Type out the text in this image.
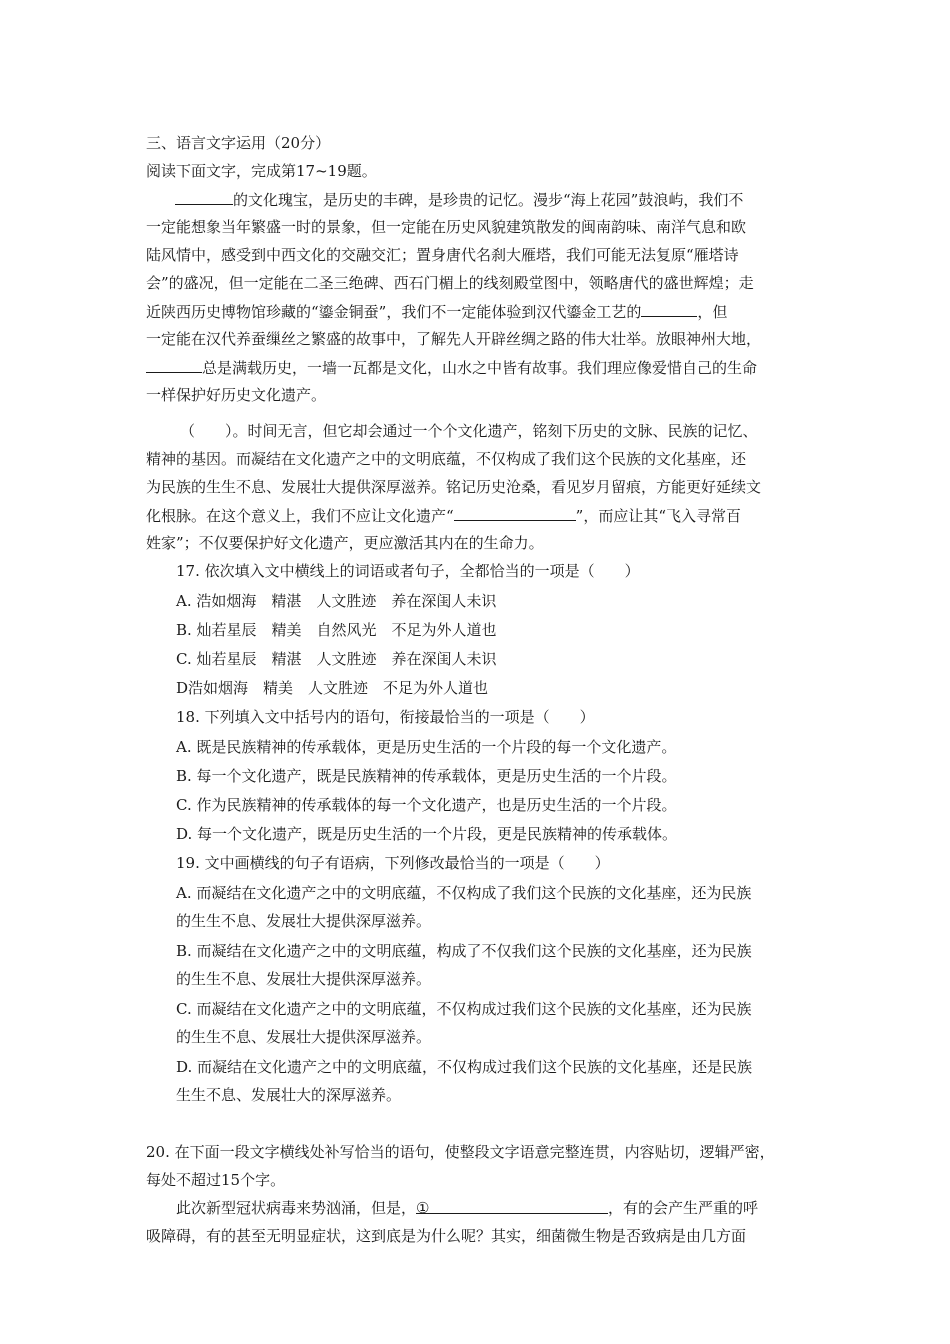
三、语言文字运用（20分）
阅读下面文字，完成第17~19题。
的文化瑰宝，是历史的丰碑，是珍贵的记忆。漫步“海上花园”鼓浪屿，我们不
一定能想象当年繁盛一时的景象，但一定能在历史风貌建筑散发的闽南韵味、南洋气息和欧
陆风情中，感受到中西文化的交融交汇；置身唐代名刹大雁塔，我们可能无法复原“雁塔诗
会”的盛况，但一定能在二圣三绝碑、西石门楣上的线刻殿堂图中，领略唐代的盛世辉煌；走
近陕西历史博物馆珍藏的“鎏金铜蚕”，我们不一定能体验到汉代鎏金工艺的	，但
一定能在汉代养蚕缫丝之繁盛的故事中，了解先人开辟丝绸之路的伟大壮举。放眼神州大地，
总是满载历史，一墙一瓦都是文化，山水之中皆有故事。我们理应像爱惜自己的生命
一样保护好历史文化遗产。
（　　）。时间无言，但它却会通过一个个文化遗产，铭刻下历史的文脉、民族的记忆、
精神的基因。而凝结在文化遗产之中的文明底蕴，不仅构成了我们这个民族的文化基座，还
为民族的生生不息、发展壮大提供深厚滋养。铭记历史沧桑，看见岁月留痕，方能更好延续文
化根脉。在这个意义上，我们不应让文化遗产“	”，而应让其“飞入寻常百
姓家”；不仅要保护好文化遗产，更应激活其内在的生命力。
17. 依次填入文中横线上的词语或者句子，全都恰当的一项是（　　）
A. 浩如烟海　精湛　人文胜迹　养在深闺人未识
B. 灿若星辰　精美　自然风光　不足为外人道也
C. 灿若星辰　精湛　人文胜迹　养在深闺人未识
D浩如烟海　精美　人文胜迹　不足为外人道也
18. 下列填入文中括号内的语句，衔接最恰当的一项是（　　）
A. 既是民族精神的传承载体，更是历史生活的一个片段的每一个文化遗产。
B. 每一个文化遗产，既是民族精神的传承载体，更是历史生活的一个片段。
C. 作为民族精神的传承载体的每一个文化遗产，也是历史生活的一个片段。
D. 每一个文化遗产，既是历史生活的一个片段，更是民族精神的传承载体。
19. 文中画横线的句子有语病，下列修改最恰当的一项是（　　）
A. 而凝结在文化遗产之中的文明底蕴，不仅构成了我们这个民族的文化基座，还为民族
的生生不息、发展壮大提供深厚滋养。
B. 而凝结在文化遗产之中的文明底蕴，构成了不仅我们这个民族的文化基座，还为民族
的生生不息、发展壮大提供深厚滋养。
C. 而凝结在文化遗产之中的文明底蕴，不仅构成过我们这个民族的文化基座，还为民族
的生生不息、发展壮大提供深厚滋养。
D. 而凝结在文化遗产之中的文明底蕴，不仅构成过我们这个民族的文化基座，还是民族
生生不息、发展壮大的深厚滋养。
20. 在下面一段文字横线处补写恰当的语句，使整段文字语意完整连贯，内容贴切，逻辑严密，
每处不超过15个字。
此次新型冠状病毒来势汹涌，但是，①	，有的会产生严重的呼
吸障碍，有的甚至无明显症状，这到底是为什么呢？其实，细菌微生物是否致病是由几方面
